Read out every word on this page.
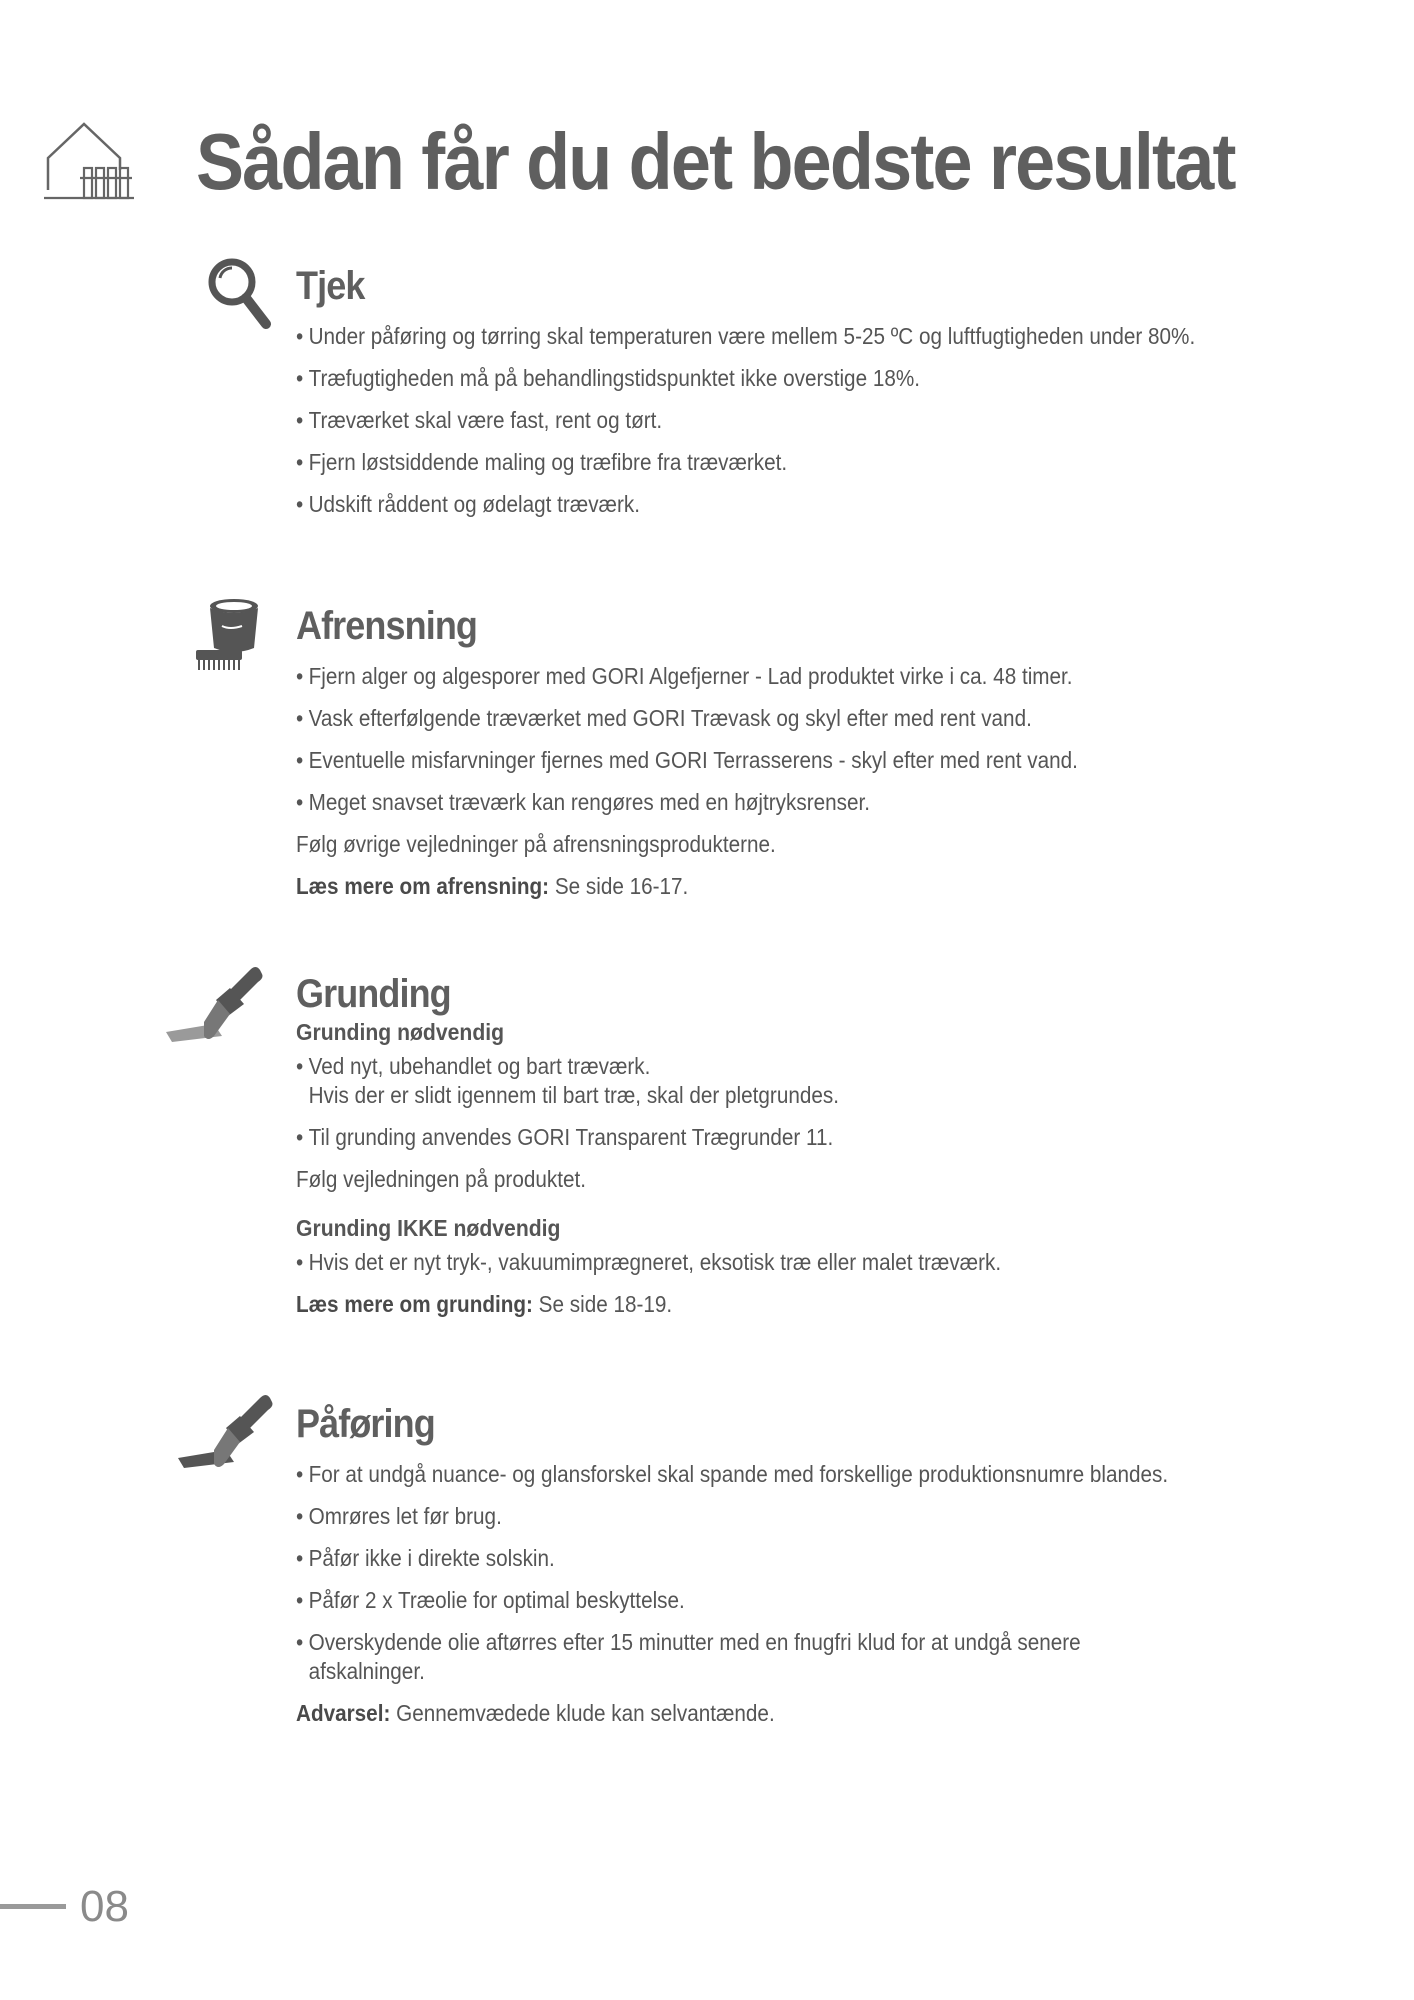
Sådan får du det bedste resultat
Tjek
• Under påføring og tørring skal temperaturen være mellem 5-25 ºC og luftfugtigheden under 80%.
• Træfugtigheden må på behandlingstidspunktet ikke overstige 18%.
• Træværket skal være fast, rent og tørt.
• Fjern løstsiddende maling og træfibre fra træværket.
• Udskift råddent og ødelagt træværk.
Afrensning
• Fjern alger og algesporer med GORI Algefjerner - Lad produktet virke i ca. 48 timer.
• Vask efterfølgende træværket med GORI Trævask og skyl efter med rent vand.
• Eventuelle misfarvninger fjernes med GORI Terrasserens - skyl efter med rent vand.
• Meget snavset træværk kan rengøres med en højtryksrenser.

Følg øvrige vejledninger på afrensningsprodukterne.

Læs mere om afrensning: Se side 16-17.

Grunding
Grunding nødvendig
• Ved nyt, ubehandlet og bart træværk.
Hvis der er slidt igennem til bart træ, skal der pletgrundes.
• Til grunding anvendes GORI Transparent Trægrunder 11.

Følg vejledningen på produktet.

Grunding IKKE nødvendig
• Hvis det er nyt tryk-, vakuumimprægneret, eksotisk træ eller malet træværk.

Læs mere om grunding: Se side 18-19.

Påføring
• For at undgå nuance- og glansforskel skal spande med forskellige produktionsnumre blandes.
• Omrøres let før brug.
• Påfør ikke i direkte solskin.
• Påfør 2 x Træolie for optimal beskyttelse.
• Overskydende olie aftørres efter 15 minutter med en fnugfri klud for at undgå senere afskalninger.

Advarsel: Gennemvædede klude kan selvantænde.

08
